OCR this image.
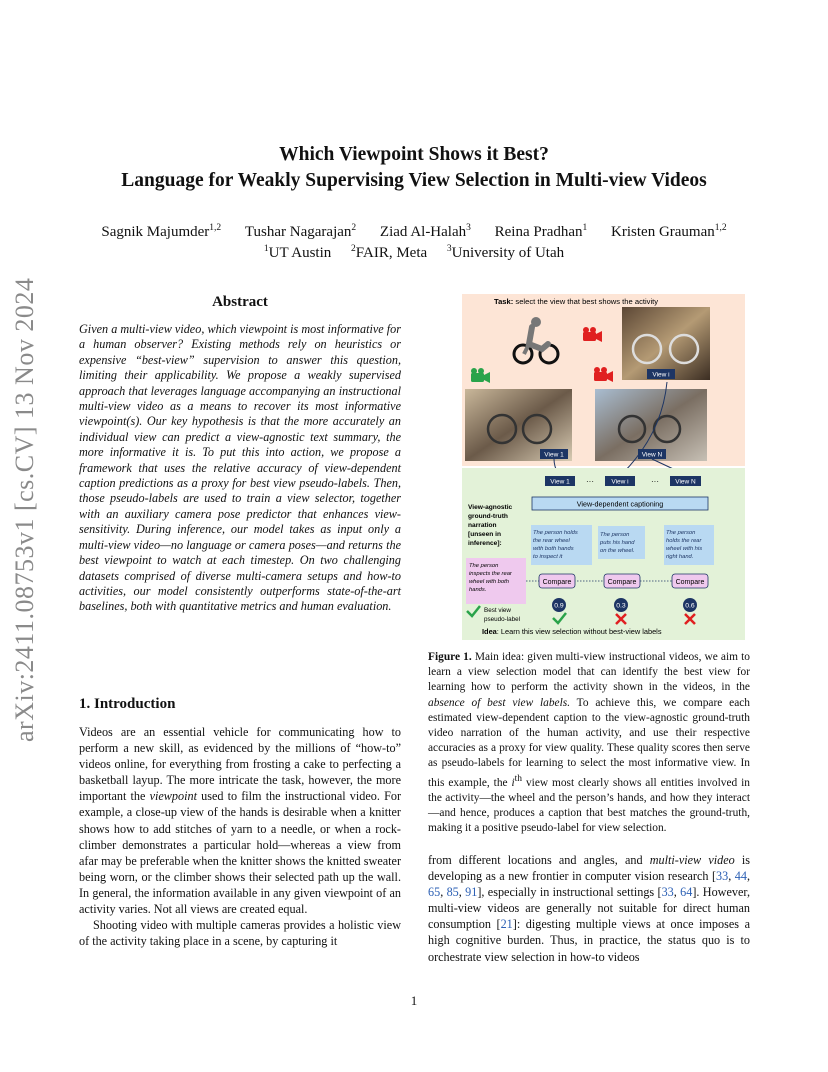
arXiv:2411.08753v1 [cs.CV] 13 Nov 2024
Which Viewpoint Shows it Best?
Language for Weakly Supervising View Selection in Multi-view Videos
Sagnik Majumder$^{1,2}$ Tushar Nagarajan$^2$ Ziad Al-Halah$^3$ Reina Pradhan$^1$ Kristen Grauman$^{1,2}$
$^1$UT Austin $^2$FAIR, Meta $^3$University of Utah
Abstract
Given a multi-view video, which viewpoint is most informative for a human observer? Existing methods rely on heuristics or expensive “best-view” supervision to answer this question, limiting their applicability. We propose a weakly supervised approach that leverages language accompanying an instructional multi-view video as a means to recover its most informative viewpoint(s). Our key hypothesis is that the more accurately an individual view can predict a view-agnostic text summary, the more informative it is. To put this into action, we propose a framework that uses the relative accuracy of view-dependent caption predictions as a proxy for best view pseudo-labels. Then, those pseudo-labels are used to train a view selector, together with an auxiliary camera pose predictor that enhances view-sensitivity. During inference, our model takes as input only a multi-view video—no language or camera poses—and returns the best viewpoint to watch at each timestep. On two challenging datasets comprised of diverse multi-camera setups and how-to activities, our model consistently outperforms state-of-the-art baselines, both with quantitative metrics and human evaluation.
1. Introduction

Videos are an essential vehicle for communicating how to perform a new skill, as evidenced by the millions of “how-to” videos online, for everything from frosting a cake to perfecting a basketball layup. The more intricate the task, however, the more important the viewpoint used to film the instructional video. For example, a close-up view of the hands is desirable when a knitter shows how to add stitches of yarn to a needle, or when a rock-climber demonstrates a particular hold—whereas a view from afar may be preferable when the knitter shows the knitted sweater being worn, or the climber shows their selected path up the wall. In general, the information available in any given viewpoint of an activity varies. Not all views are created equal.

Shooting video with multiple cameras provides a holistic view of the activity taking place in a scene, by capturing it

Task: select the view that best shows the activity
View 1	View N
View i
View 1 ···	View i	···	View N
View-dependent captioning
View-agnostic ground-truth narration [unseen in inference]:
The person inspects the rear wheel with both hands.
The person holds the rear wheel with both hands to inspect it
The person puts his hand on the wheel.
The person holds the rear wheel with his right hand.
Compare	Compare	Compare
0.9	0.3	0.6
Best view pseudo-label
Idea: Learn this view selection without best-view labels
Figure 1. Main idea: given multi-view instructional videos, we aim to learn a view selection model that can identify the best view for learning how to perform the activity shown in the videos, in the absence of best view labels. To achieve this, we compare each estimated view-dependent caption to the view-agnostic ground-truth video narration of the human activity, and use their respective accuracies as a proxy for view quality. These quality scores then serve as pseudo-labels for learning to select the most informative view. In this example, the $i^{th}$ view most clearly shows all entities involved in the activity—the wheel and the person’s hands, and how they interact—and hence, produces a caption that best matches the ground-truth, making it a positive pseudo-label for view selection.
from different locations and angles, and multi-view video is developing as a new frontier in computer vision research [33, 44, 65, 85, 91], especially in instructional settings [33, 64]. However, multi-view videos are generally not suitable for direct human consumption [21]: digesting multiple views at once imposes a high cognitive burden. Thus, in practice, the status quo is to orchestrate view selection in how-to videos
1
